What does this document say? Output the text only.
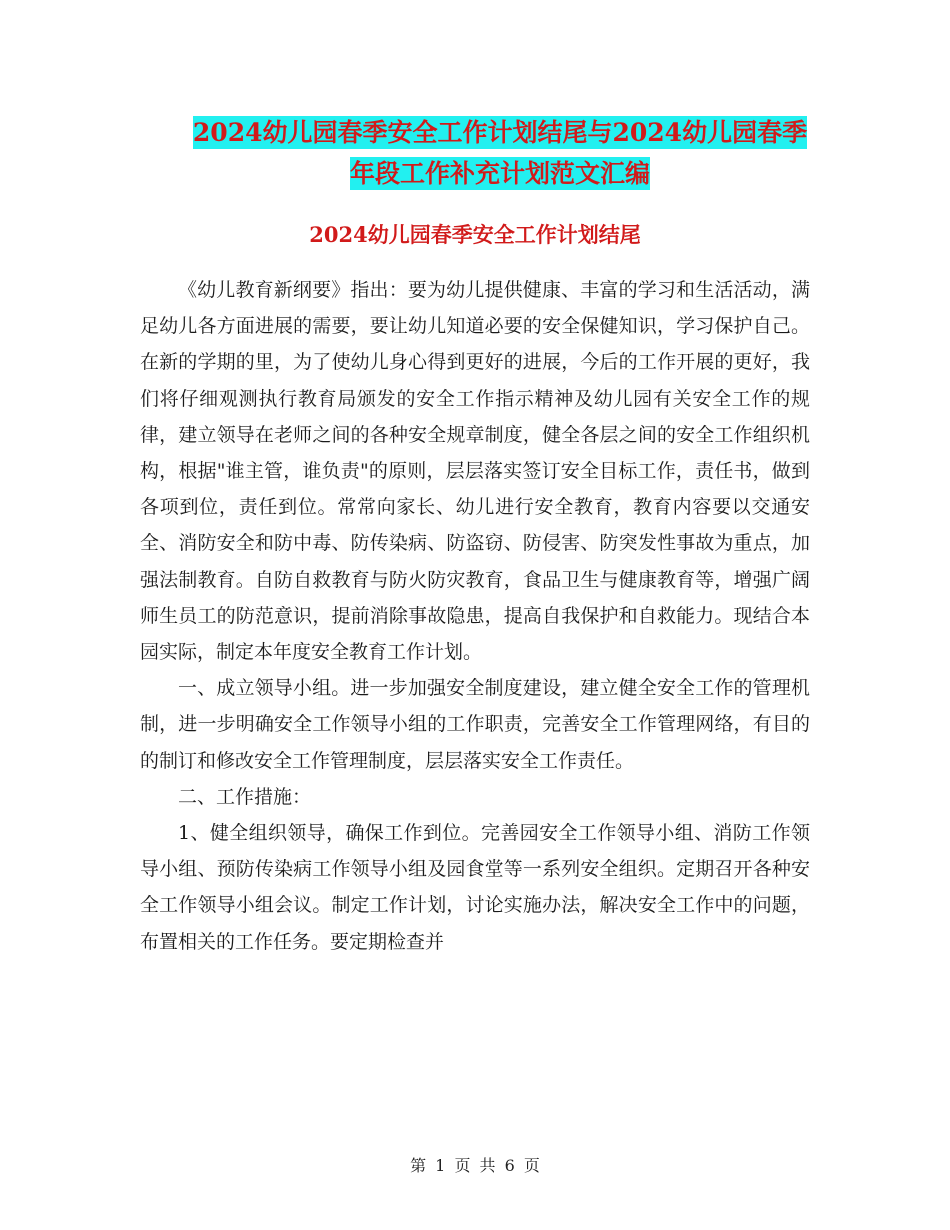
2024幼儿园春季安全工作计划结尾与2024幼儿园春季
年段工作补充计划范文汇编
2024幼儿园春季安全工作计划结尾

《幼儿教育新纲要》指出：要为幼儿提供健康、丰富的学习和生活活动，满足幼儿各方面进展的需要，要让幼儿知道必要的安全保健知识，学习保护自己。在新的学期的里，为了使幼儿身心得到更好的进展，今后的工作开展的更好，我们将仔细观测执行教育局颁发的安全工作指示精神及幼儿园有关安全工作的规律，建立领导在老师之间的各种安全规章制度，健全各层之间的安全工作组织机构，根据"谁主管，谁负责"的原则，层层落实签订安全目标工作，责任书，做到各项到位，责任到位。常常向家长、幼儿进行安全教育，教育内容要以交通安全、消防安全和防中毒、防传染病、防盗窃、防侵害、防突发性事故为重点，加强法制教育。自防自救教育与防火防灾教育，食品卫生与健康教育等，增强广阔师生员工的防范意识，提前消除事故隐患，提高自我保护和自救能力。现结合本园实际，制定本年度安全教育工作计划。

一、成立领导小组。进一步加强安全制度建设，建立健全安全工作的管理机制，进一步明确安全工作领导小组的工作职责，完善安全工作管理网络，有目的的制订和修改安全工作管理制度，层层落实安全工作责任。

二、工作措施：

1、健全组织领导，确保工作到位。完善园安全工作领导小组、消防工作领导小组、预防传染病工作领导小组及园食堂等一系列安全组织。定期召开各种安全工作领导小组会议。制定工作计划，讨论实施办法，解决安全工作中的问题，布置相关的工作任务。要定期检查并

第 1 页 共 6 页
